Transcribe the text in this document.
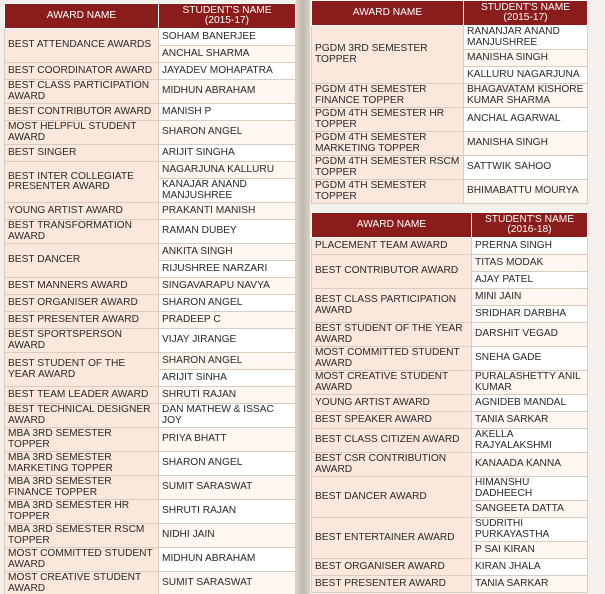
AWARD NAME	STUDENT'S NAME
(2015-17)
BEST ATTENDANCE AWARDS	SOHAM BANERJEE
	ANCHAL SHARMA
BEST COORDINATOR AWARD	JAYADEV MOHAPATRA
BEST CLASS PARTICIPATION AWARD	MIDHUN ABRAHAM
BEST CONTRIBUTOR AWARD	MANISH P
MOST HELPFUL STUDENT AWARD	SHARON ANGEL
BEST SINGER	ARIJIT SINGHA
BEST INTER COLLEGIATE PRESENTER AWARD	NAGARJUNA KALLURU
	KANAJAR ANAND MANJUSHREE
YOUNG ARTIST AWARD	PRAKANTI MANISH
BEST TRANSFORMATION AWARD	RAMAN DUBEY
BEST DANCER	ANKITA SINGH
	RIJUSHREE NARZARI
BEST MANNERS AWARD	SINGAVARAPU NAVYA
BEST ORGANISER AWARD	SHARON ANGEL
BEST PRESENTER AWARD	PRADEEP C
BEST SPORTSPERSON AWARD	VIJAY JIRANGE
BEST STUDENT OF THE YEAR AWARD	SHARON ANGEL
	ARIJIT SINHA
BEST TEAM LEADER AWARD	SHRUTI RAJAN
BEST TECHNICAL DESIGNER AWARD	DAN MATHEW & ISSAC JOY
MBA 3RD SEMESTER TOPPER	PRIYA BHATT
MBA 3RD SEMESTER MARKETING TOPPER	SHARON ANGEL
MBA 3RD SEMESTER FINANCE TOPPER	SUMIT SARASWAT
MBA 3RD SEMESTER HR TOPPER	SHRUTI RAJAN
MBA 3RD SEMESTER RSCM TOPPER	NIDHI JAIN
MOST COMMITTED STUDENT AWARD	MIDHUN ABRAHAM
MOST CREATIVE STUDENT AWARD	SUMIT SARASWAT
AWARD NAME	STUDENT'S NAME
(2015-17)
PGDM 3RD SEMESTER TOPPER	RANANJAR ANAND MANJUSHREE
	MANISHA SINGH
	KALLURU NAGARJUNA
PGDM 4TH SEMESTER FINANCE TOPPER	BHAGAVATAM KISHORE KUMAR SHARMA
PGDM 4TH SEMESTER HR TOPPER	ANCHAL AGARWAL
PGDM 4TH SEMESTER MARKETING TOPPER	MANISHA SINGH
PGDM 4TH SEMESTER RSCM TOPPER	SATTWIK SAHOO
PGDM 4TH SEMESTER TOPPER	BHIMABATTU MOURYA
AWARD NAME	STUDENT'S NAME
(2016-18)
PLACEMENT TEAM AWARD	PRERNA SINGH
BEST CONTRIBUTOR AWARD	TITAS MODAK
	AJAY PATEL
BEST CLASS PARTICIPATION AWARD	MINI JAIN
	SRIDHAR DARBHA
BEST STUDENT OF THE YEAR AWARD	DARSHIT VEGAD
MOST COMMITTED STUDENT AWARD	SNEHA GADE
MOST CREATIVE STUDENT AWARD	PURALASHETTY ANIL KUMAR
YOUNG ARTIST AWARD	AGNIDEB MANDAL
BEST SPEAKER AWARD	TANIA SARKAR
BEST CLASS CITIZEN AWARD	AKELLA RAJYALAKSHMI
BEST CSR CONTRIBUTION AWARD	KANAADA KANNA
BEST DANCER AWARD	HIMANSHU DADHEECH
	SANGEETA DATTA
BEST ENTERTAINER AWARD	SUDRITHI PURKAYASTHA
	P SAI KIRAN
BEST ORGANISER AWARD	KIRAN JHALA
BEST PRESENTER AWARD	TANIA SARKAR
